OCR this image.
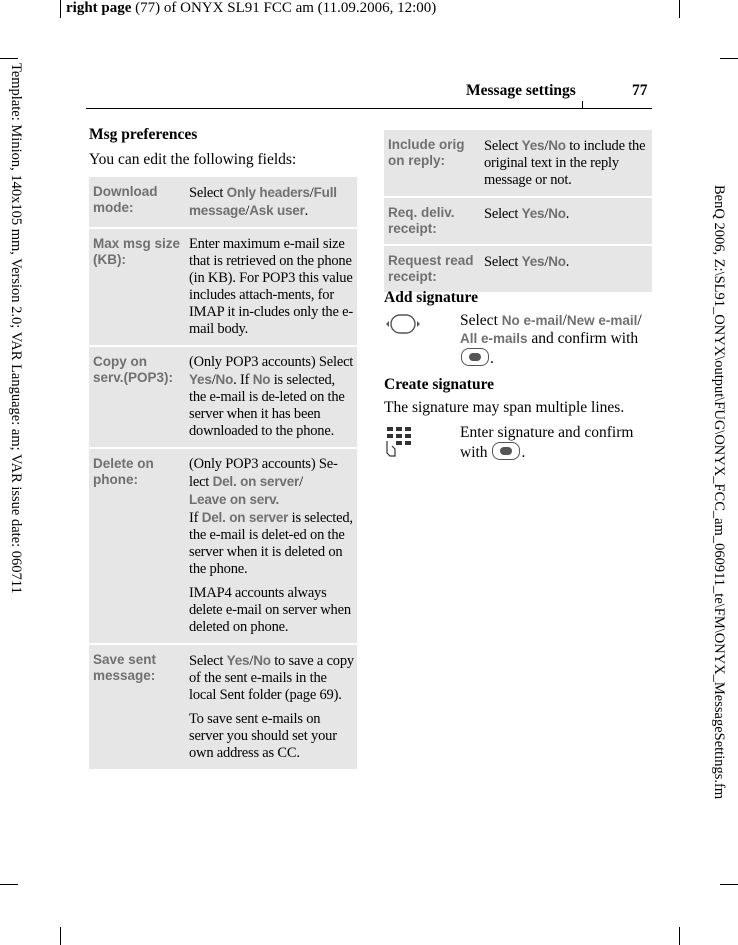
right page (77) of ONYX SL91 FCC am (11.09.2006, 12:00)
Template: Minion, 140x105 mm, Version 2.0; VAR Language: am; VAR issue date: 060711	BenQ 2006, Z:\SL91_ONYX\output\FUG\ONYX_FCC_am_060911_te\FM\ONYX_MessageSettings.fm
Message settings	77
Msg preferences
You can edit the following fields:
Download mode:	Select Only headers/Full message/Ask user.
Max msg size (KB):	Enter maximum e-mail size that is retrieved on the phone (in KB). For POP3 this value includes attach-ments, for IMAP it in-cludes only the e-mail body.
Copy on serv.(POP3):	(Only POP3 accounts) Select Yes/No. If No is selected, the e-mail is de-leted on the server when it has been downloaded to the phone.
Delete on phone:	(Only POP3 accounts) Se-lect Del. on server/
Leave on serv.
If Del. on server is selected, the e-mail is delet-ed on the server when it is deleted on the phone.
IMAP4 accounts always delete e-mail on server when deleted on phone.

Save sent message:	Select Yes/No to save a copy of the sent e-mails in the local Sent folder (page 69).
To save sent e-mails on server you should set your own address as CC.
Include orig on reply:	Select Yes/No to include the original text in the reply message or not.
Req. deliv. receipt:	Select Yes/No.
Request read receipt:	Select Yes/No.
Add signature
Select No e-mail/New e-mail/
All e-mails and confirm with .
Create signature
The signature may span multiple lines.
Enter signature and confirm with .
